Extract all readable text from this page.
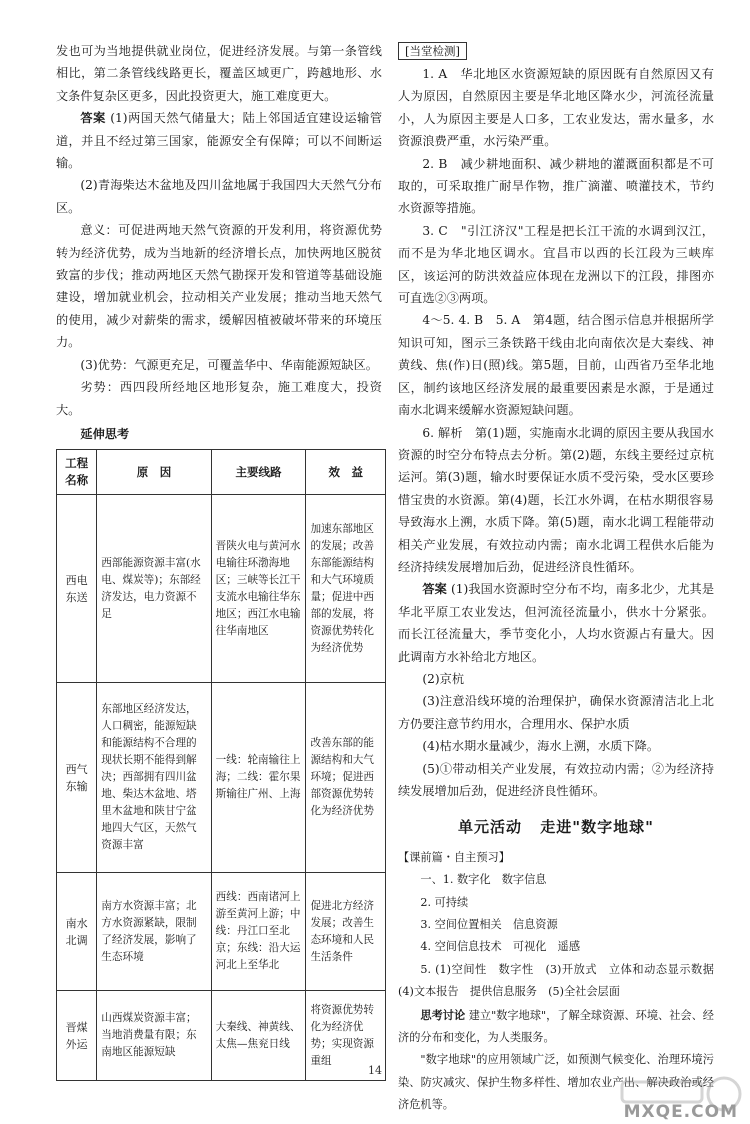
发也可为当地提供就业岗位，促进经济发展。与第一条管线相比，第二条管线线路更长，覆盖区域更广，跨越地形、水文条件复杂区更多，因此投资更大，施工难度更大。

答案 (1)两国天然气储量大；陆上邻国适宜建设运输管道，并且不经过第三国家，能源安全有保障；可以不间断运输。

(2)青海柴达木盆地及四川盆地属于我国四大天然气分布区。

意义：可促进两地天然气资源的开发利用，将资源优势转为经济优势，成为当地新的经济增长点，加快两地区脱贫致富的步伐；推动两地区天然气勘探开发和管道等基础设施建设，增加就业机会，拉动相关产业发展；推动当地天然气的使用，减少对薪柴的需求，缓解因植被破坏带来的环境压力。

(3)优势：气源更充足，可覆盖华中、华南能源短缺区。

劣势：西四段所经地区地形复杂，施工难度大，投资大。

延伸思考

工程名称	原　因	主要线路	效　益
西电东送	西部能源资源丰富(水电、煤炭等)；东部经济发达，电力资源不足	晋陕火电与黄河水电输往环渤海地区；三峡等长江干支流水电输往华东地区；西江水电输往华南地区	加速东部地区的发展；改善东部能源结构和大气环境质量；促进中西部的发展，将资源优势转化为经济优势
西气东输	东部地区经济发达，人口稠密，能源短缺和能源结构不合理的现状长期不能得到解决；西部拥有四川盆地、柴达木盆地、塔里木盆地和陕甘宁盆地四大气区，天然气资源丰富	一线：轮南输往上海；二线：霍尔果斯输往广州、上海	改善东部的能源结构和大气环境；促进西部资源优势转化为经济优势
南水北调	南方水资源丰富；北方水资源紧缺，限制了经济发展，影响了生态环境	西线：西南诸河上游至黄河上游；中线：丹江口至北京；东线：沿大运河北上至华北	促进北方经济发展；改善生态环境和人民生活条件
晋煤外运	山西煤炭资源丰富；当地消费量有限；东南地区能源短缺	大秦线、神黄线、太焦—焦兖日线	将资源优势转化为经济优势；实现资源重组
[当堂检测]

1. A　华北地区水资源短缺的原因既有自然原因又有人为原因，自然原因主要是华北地区降水少，河流径流量小，人为原因主要是人口多，工农业发达，需水量多，水资源浪费严重，水污染严重。

2. B　减少耕地面积、减少耕地的灌溉面积都是不可取的，可采取推广耐旱作物，推广滴灌、喷灌技术，节约水资源等措施。

3. C　"引江济汉"工程是把长江干流的水调到汉江，而不是为华北地区调水。宜昌市以西的长江段为三峡库区，该运河的防洪效益应体现在龙洲以下的江段，排图亦可直选②③两项。

4～5. 4. B　5. A　第4题，结合图示信息并根据所学知识可知，图示三条铁路干线由北向南依次是大秦线、神黄线、焦(作)日(照)线。第5题，目前，山西省乃至华北地区，制约该地区经济发展的最重要因素是水源，于是通过南水北调来缓解水资源短缺问题。

6. 解析　第(1)题，实施南水北调的原因主要从我国水资源的时空分布特点去分析。第(2)题，东线主要经过京杭运河。第(3)题，输水时要保证水质不受污染，受水区要珍惜宝贵的水资源。第(4)题，长江水外调，在枯水期很容易导致海水上溯，水质下降。第(5)题，南水北调工程能带动相关产业发展，有效拉动内需；南水北调工程供水后能为经济持续发展增加后劲，促进经济良性循环。

答案 (1)我国水资源时空分布不均，南多北少，尤其是华北平原工农业发达，但河流径流量小，供水十分紧张。而长江径流量大，季节变化小，人均水资源占有量大。因此调南方水补给北方地区。

(2)京杭

(3)注意沿线环境的治理保护，确保水资源清洁北上北方仍要注意节约用水，合理用水、保护水质

(4)枯水期水量减少，海水上溯，水质下降。

(5)①带动相关产业发展，有效拉动内需；②为经济持续发展增加后劲，促进经济良性循环。

单元活动 走进"数字地球"

【课前篇・自主预习】

一、1. 数字化　数字信息

2. 可持续

3. 空间位置相关　信息资源

4. 空间信息技术　可视化　遥感

5. (1)空间性　数字性　(3)开放式　立体和动态显示数据　(4)文本报告　提供信息服务　(5)全社会层面

思考讨论 建立"数字地球"，了解全球资源、环境、社会、经济的分布和变化，为人类服务。

"数字地球"的应用领域广泛，如预测气候变化、治理环境污染、防灾减灾、保护生物多样性、增加农业产出、解决政治或经济危机等。

14
MXQE.COM
